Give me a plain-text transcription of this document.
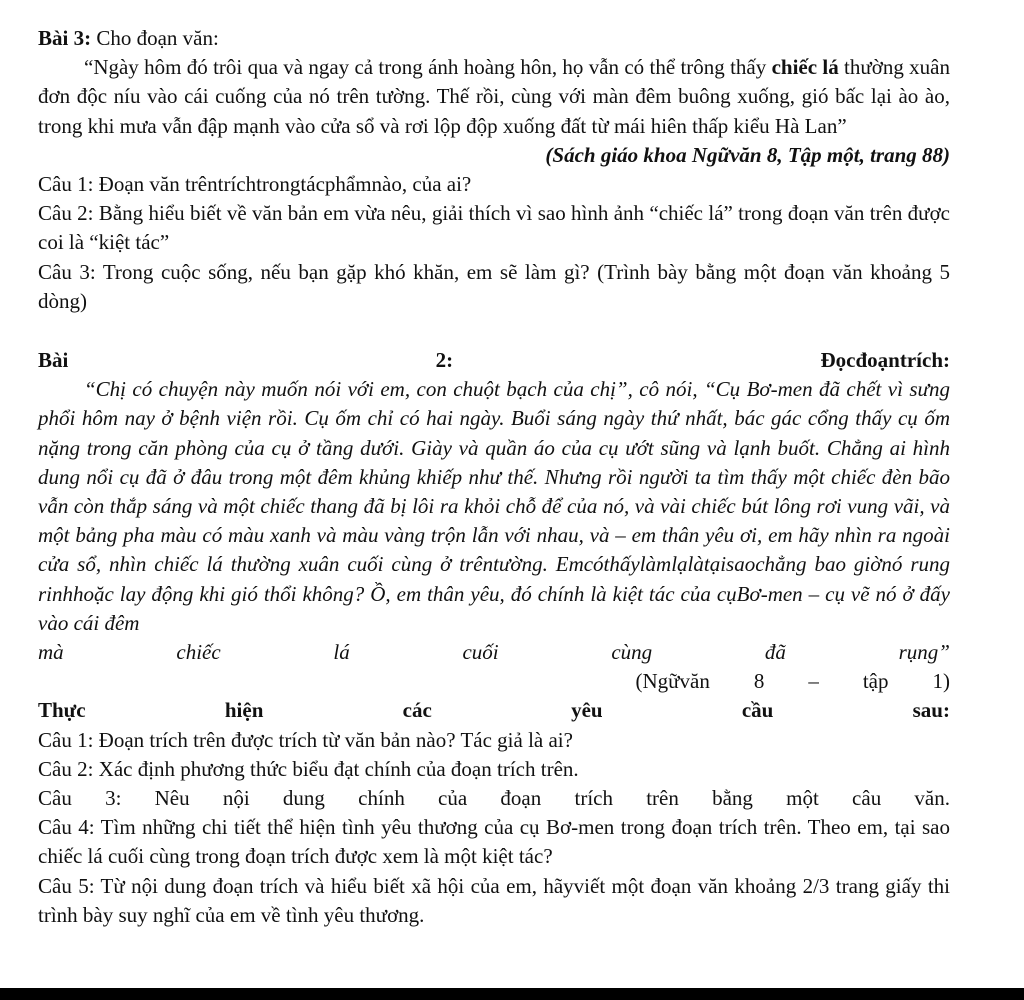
Bài 3: Cho đoạn văn:

“Ngày hôm đó trôi qua và ngay cả trong ánh hoàng hôn, họ vẫn có thể trông thấy chiếc lá thường xuân đơn độc níu vào cái cuống của nó trên tường. Thế rồi, cùng với màn đêm buông xuống, gió bấc lại ào ào, trong khi mưa vẫn đập mạnh vào cửa sổ và rơi lộp độp xuống đất từ mái hiên thấp kiểu Hà Lan”

(Sách giáo khoa Ngữvăn 8, Tập một, trang 88)

Câu 1: Đoạn văn trêntríchtrongtácphẩmnào, của ai?

Câu 2: Bằng hiểu biết về văn bản em vừa nêu, giải thích vì sao hình ảnh “chiếc lá” trong đoạn văn trên được coi là “kiệt tác”

Câu 3: Trong cuộc sống, nếu bạn gặp khó khăn, em sẽ làm gì? (Trình bày bằng một đoạn văn khoảng 5 dòng)

Bài	2:	Đọcđoạntrích:

“Chị có chuyện này muốn nói với em, con chuột bạch của chị”, cô nói, “Cụ Bơ-men đã chết vì sưng phổi hôm nay ở bệnh viện rồi. Cụ ốm chỉ có hai ngày. Buổi sáng ngày thứ nhất, bác gác cổng thấy cụ ốm nặng trong căn phòng của cụ ở tầng dưới. Giày và quần áo của cụ ướt sũng và lạnh buốt. Chẳng ai hình dung nổi cụ đã ở đâu trong một đêm khủng khiếp như thế. Nhưng rồi người ta tìm thấy một chiếc đèn bão vẫn còn thắp sáng và một chiếc thang đã bị lôi ra khỏi chỗ để của nó, và vài chiếc bút lông rơi vung vãi, và một bảng pha màu có màu xanh và màu vàng trộn lẫn với nhau, và – em thân yêu ơi, em hãy nhìn ra ngoài cửa sổ, nhìn chiếc lá thường xuân cuối cùng ở trêntường. Emcóthấylàmlạlàtạisaochẳng bao giờnó rung rinhhoặc lay động khi gió thổi không? Ồ, em thân yêu, đó chính là kiệt tác của cụBơ-men – cụ vẽ nó ở đấy vào cái đêm

mà	chiếc	lá	cuối	cùng	đã	rụng”
(Ngữvăn 8 – tập 1)
Thực	hiện	các	yêu	cầu	sau:

Câu 1: Đoạn trích trên được trích từ văn bản nào? Tác giả là ai?

Câu 2: Xác định phương thức biểu đạt chính của đoạn trích trên.

Câu 3: Nêu nội dung chính của đoạn trích trên bằng một câu văn.

Câu 4: Tìm những chi tiết thể hiện tình yêu thương của cụ Bơ-men trong đoạn trích trên. Theo em, tại sao chiếc lá cuối cùng trong đoạn trích được xem là một kiệt tác?

Câu 5: Từ nội dung đoạn trích và hiểu biết xã hội của em, hãyviết một đoạn văn khoảng 2/3 trang giấy thi trình bày suy nghĩ của em về tình yêu thương.
